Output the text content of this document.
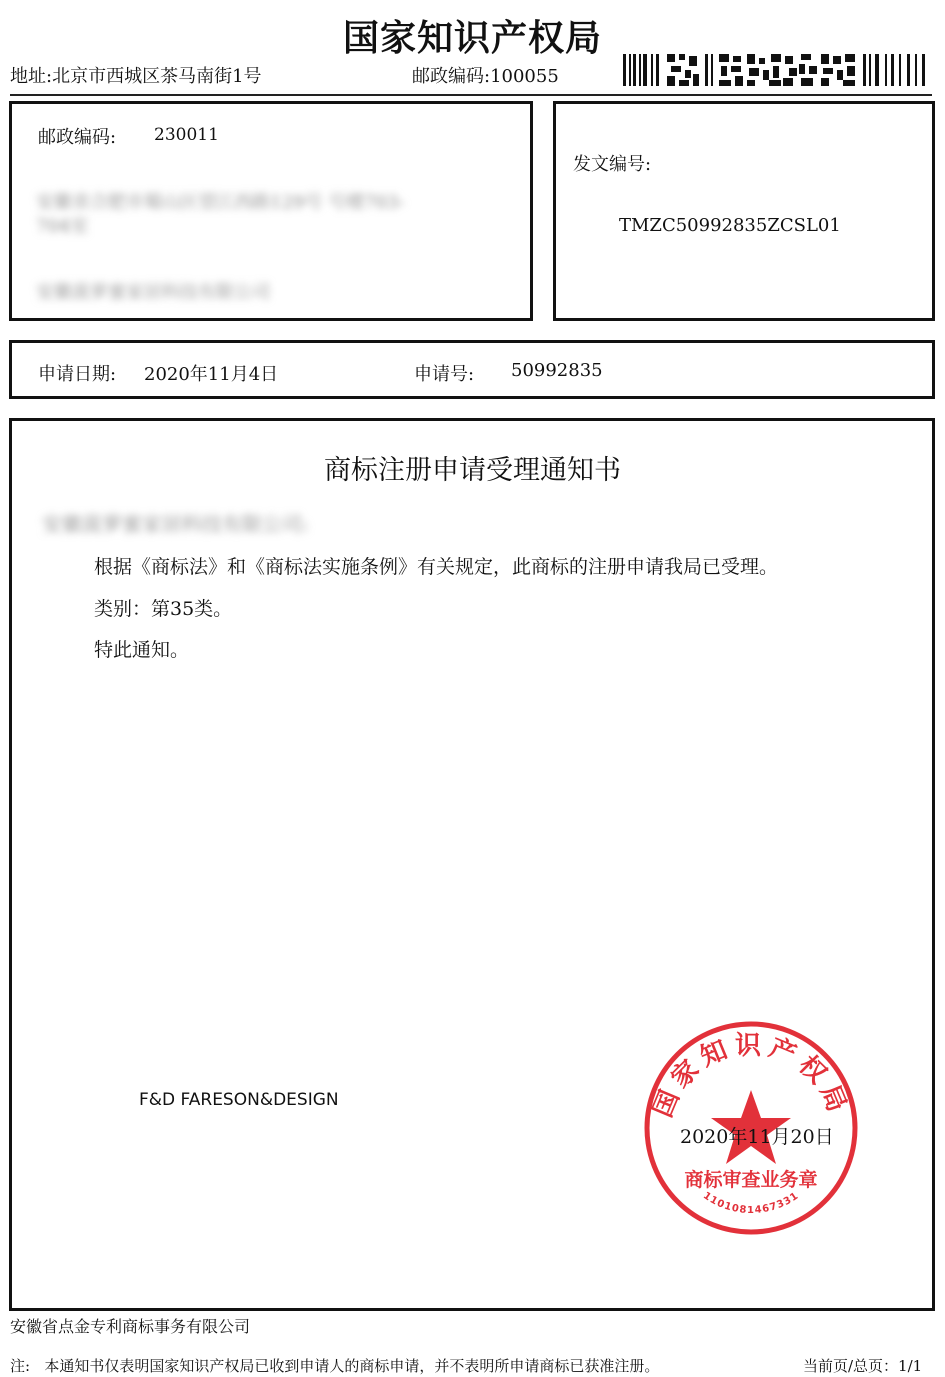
国家知识产权局
地址:北京市西城区茶马南街1号	邮政编码:100055
邮政编码: 230011
安徽省合肥市蜀山区望江西路129号 号楼703-
704室
安徽菠萝蜜家居科技有限公司
发文编号:
TMZC50992835ZCSL01
申请日期: 2020年11月4日	申请号: 50992835
商标注册申请受理通知书
安徽菠萝蜜家居科技有限公司:
根据《商标法》和《商标法实施条例》有关规定，此商标的注册申请我局已受理。
类别：第35类。
特此通知。
F&D FARESON&DESIGN	国家知识产权局
商标审查业务章
1101081467331
2020年11月20日
安徽省点金专利商标事务有限公司
注:   本通知书仅表明国家知识产权局已收到申请人的商标申请，并不表明所申请商标已获准注册。	当前页/总页：1/1
